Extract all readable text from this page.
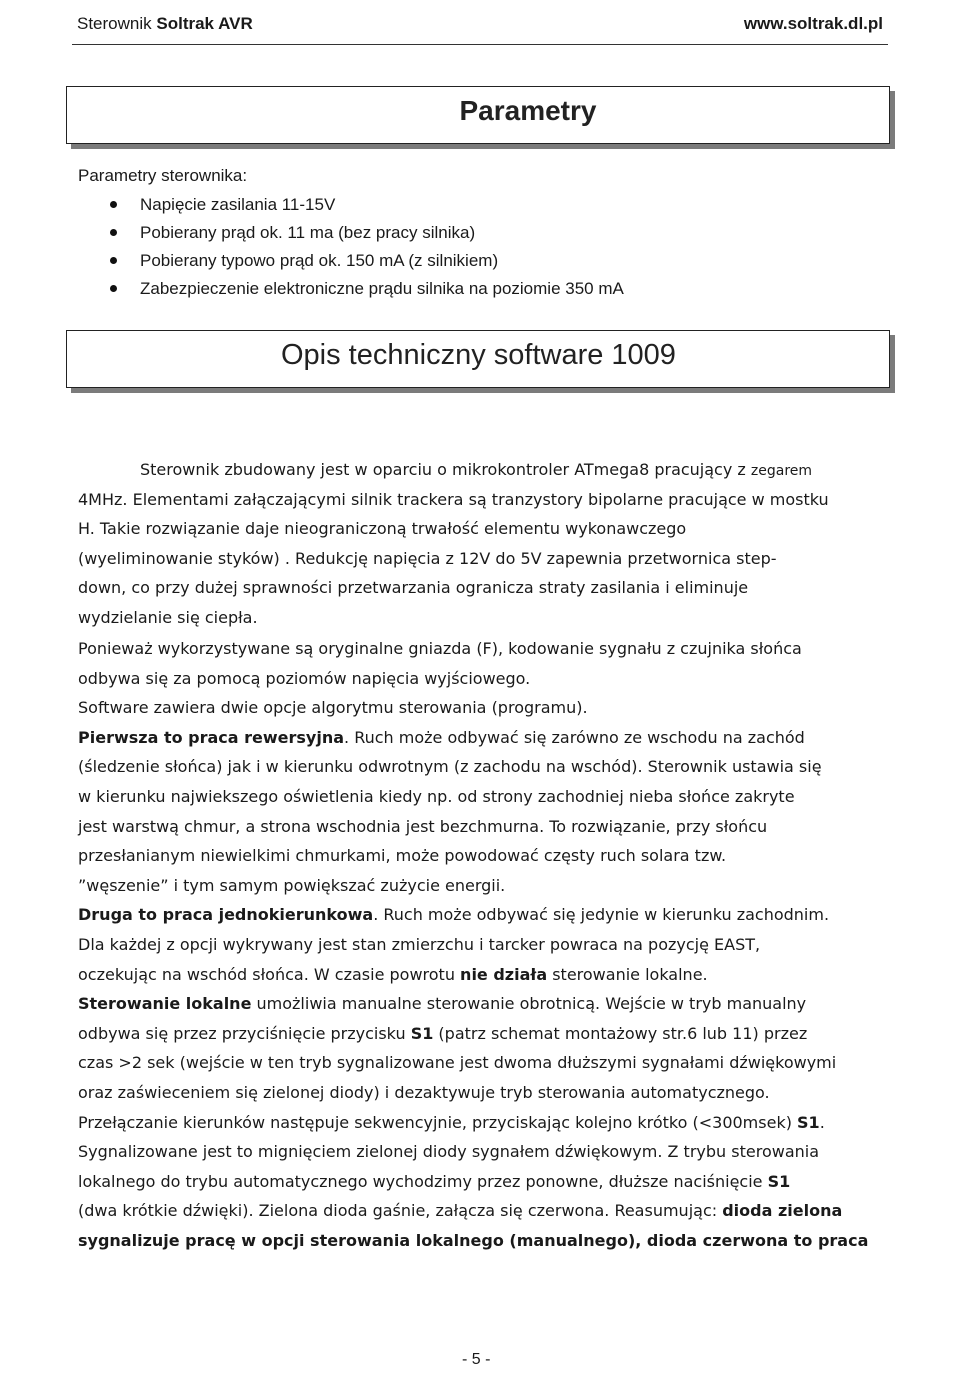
Sterownik Soltrak AVR	www.soltrak.dl.pl
Parametry
Parametry sterownika:
Napięcie zasilania 11-15V
Pobierany prąd ok. 11 ma (bez pracy silnika)
Pobierany typowo prąd ok. 150 mA (z silnikiem)
Zabezpieczenie elektroniczne prądu silnika na poziomie 350 mA
Opis techniczny software 1009
Sterownik zbudowany jest w oparciu o mikrokontroler ATmega8 pracujący z zegarem
4MHz. Elementami załączającymi silnik trackera są tranzystory bipolarne pracujące w mostku
H. Takie rozwiązanie daje nieograniczoną trwałość elementu wykonawczego
(wyeliminowanie styków) . Redukcję napięcia z 12V do 5V zapewnia przetwornica step-
down, co przy dużej sprawności przetwarzania ogranicza straty zasilania i eliminuje
wydzielanie się ciepła.
Ponieważ wykorzystywane są oryginalne gniazda (F), kodowanie sygnału z czujnika słońca
odbywa się za pomocą poziomów napięcia wyjściowego.
Software zawiera dwie opcje algorytmu sterowania (programu).
Pierwsza to praca rewersyjna. Ruch może odbywać się zarówno ze wschodu na zachód
(śledzenie słońca) jak i w kierunku odwrotnym (z zachodu na wschód). Sterownik ustawia się
w kierunku najwiekszego oświetlenia kiedy np. od strony zachodniej nieba słońce zakryte
jest warstwą chmur, a strona wschodnia jest bezchmurna. To rozwiązanie, przy słońcu
przesłanianym niewielkimi chmurkami, może powodować częsty ruch solara tzw.
”węszenie” i tym samym powiększać zużycie energii.
Druga to praca jednokierunkowa. Ruch może odbywać się jedynie w kierunku zachodnim.
Dla każdej z opcji wykrywany jest stan zmierzchu i tarcker powraca na pozycję EAST,
oczekując na wschód słońca. W czasie powrotu nie działa sterowanie lokalne.
Sterowanie lokalne umożliwia manualne sterowanie obrotnicą. Wejście w tryb manualny
odbywa się przez przyciśnięcie przycisku S1 (patrz schemat montażowy str.6 lub 11) przez
czas >2 sek (wejście w ten tryb sygnalizowane jest dwoma dłuższymi sygnałami dźwiękowymi
oraz zaświeceniem się zielonej diody) i dezaktywuje tryb sterowania automatycznego.
Przełączanie kierunków następuje sekwencyjnie, przyciskając kolejno krótko (<300msek) S1.
Sygnalizowane jest to mignięciem zielonej diody sygnałem dźwiękowym. Z trybu sterowania
lokalnego do trybu automatycznego wychodzimy przez ponowne, dłuższe naciśnięcie S1
(dwa krótkie dźwięki). Zielona dioda gaśnie, załącza się czerwona. Reasumując: dioda zielona
sygnalizuje pracę w opcji sterowania lokalnego (manualnego), dioda czerwona to praca
- 5 -
